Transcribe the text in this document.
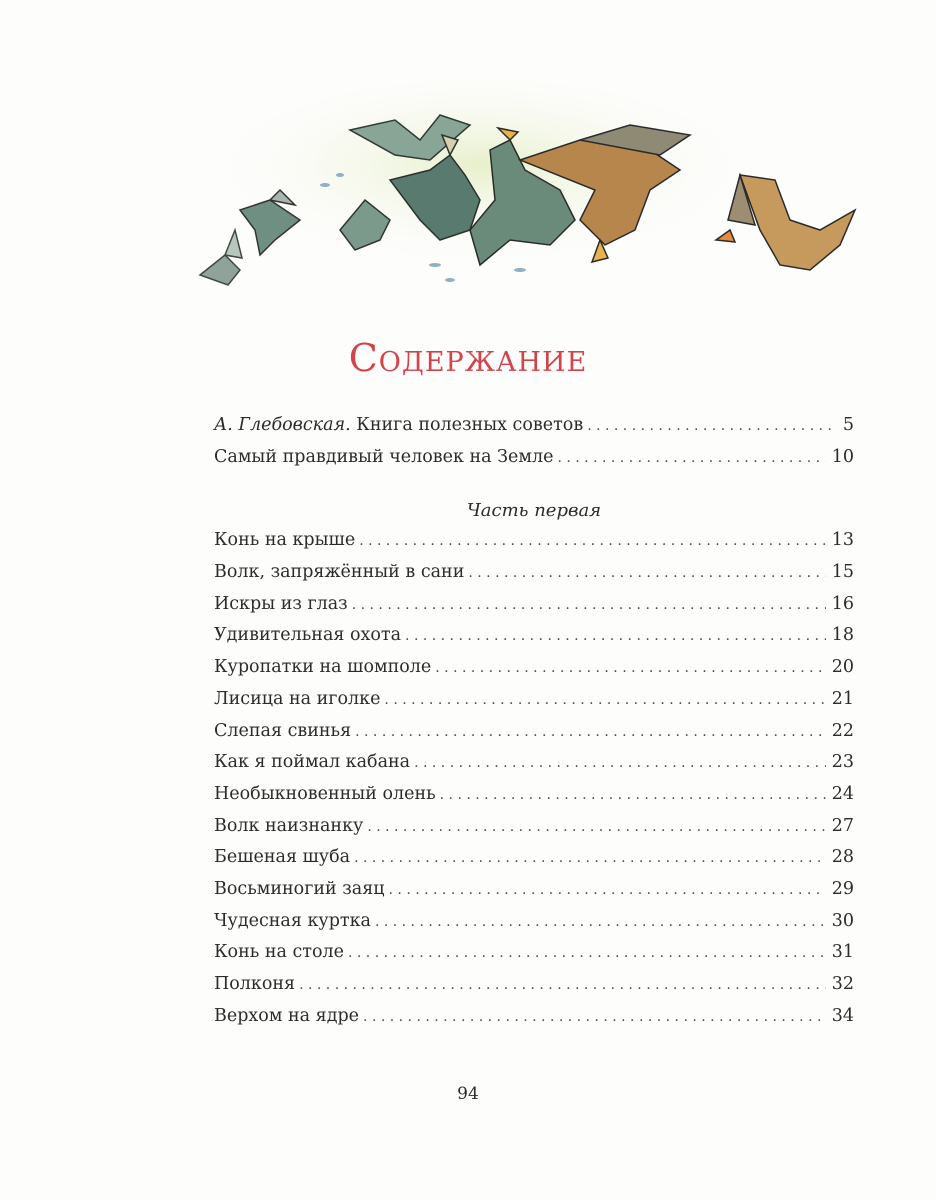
Содержание
А. Глебовская. Книга полезных советов . . .	5
Самый правдивый человек на Земле . . .	10
Часть первая
Конь на крыше . . .	13
Волк, запряжённый в сани . . .	15
Искры из глаз . . .	16
Удивительная охота . . .	18
Куропатки на шомполе . . .	20
Лисица на иголке . . .	21
Слепая свинья . . .	22
Как я поймал кабана . . .	23
Необыкновенный олень . . .	24
Волк наизнанку . . .	27
Бешеная шуба . . .	28
Восьминогий заяц . . .	29
Чудесная куртка . . .	30
Конь на столе . . .	31
Полконя . . .	32
Верхом на ядре . . .	34
94
